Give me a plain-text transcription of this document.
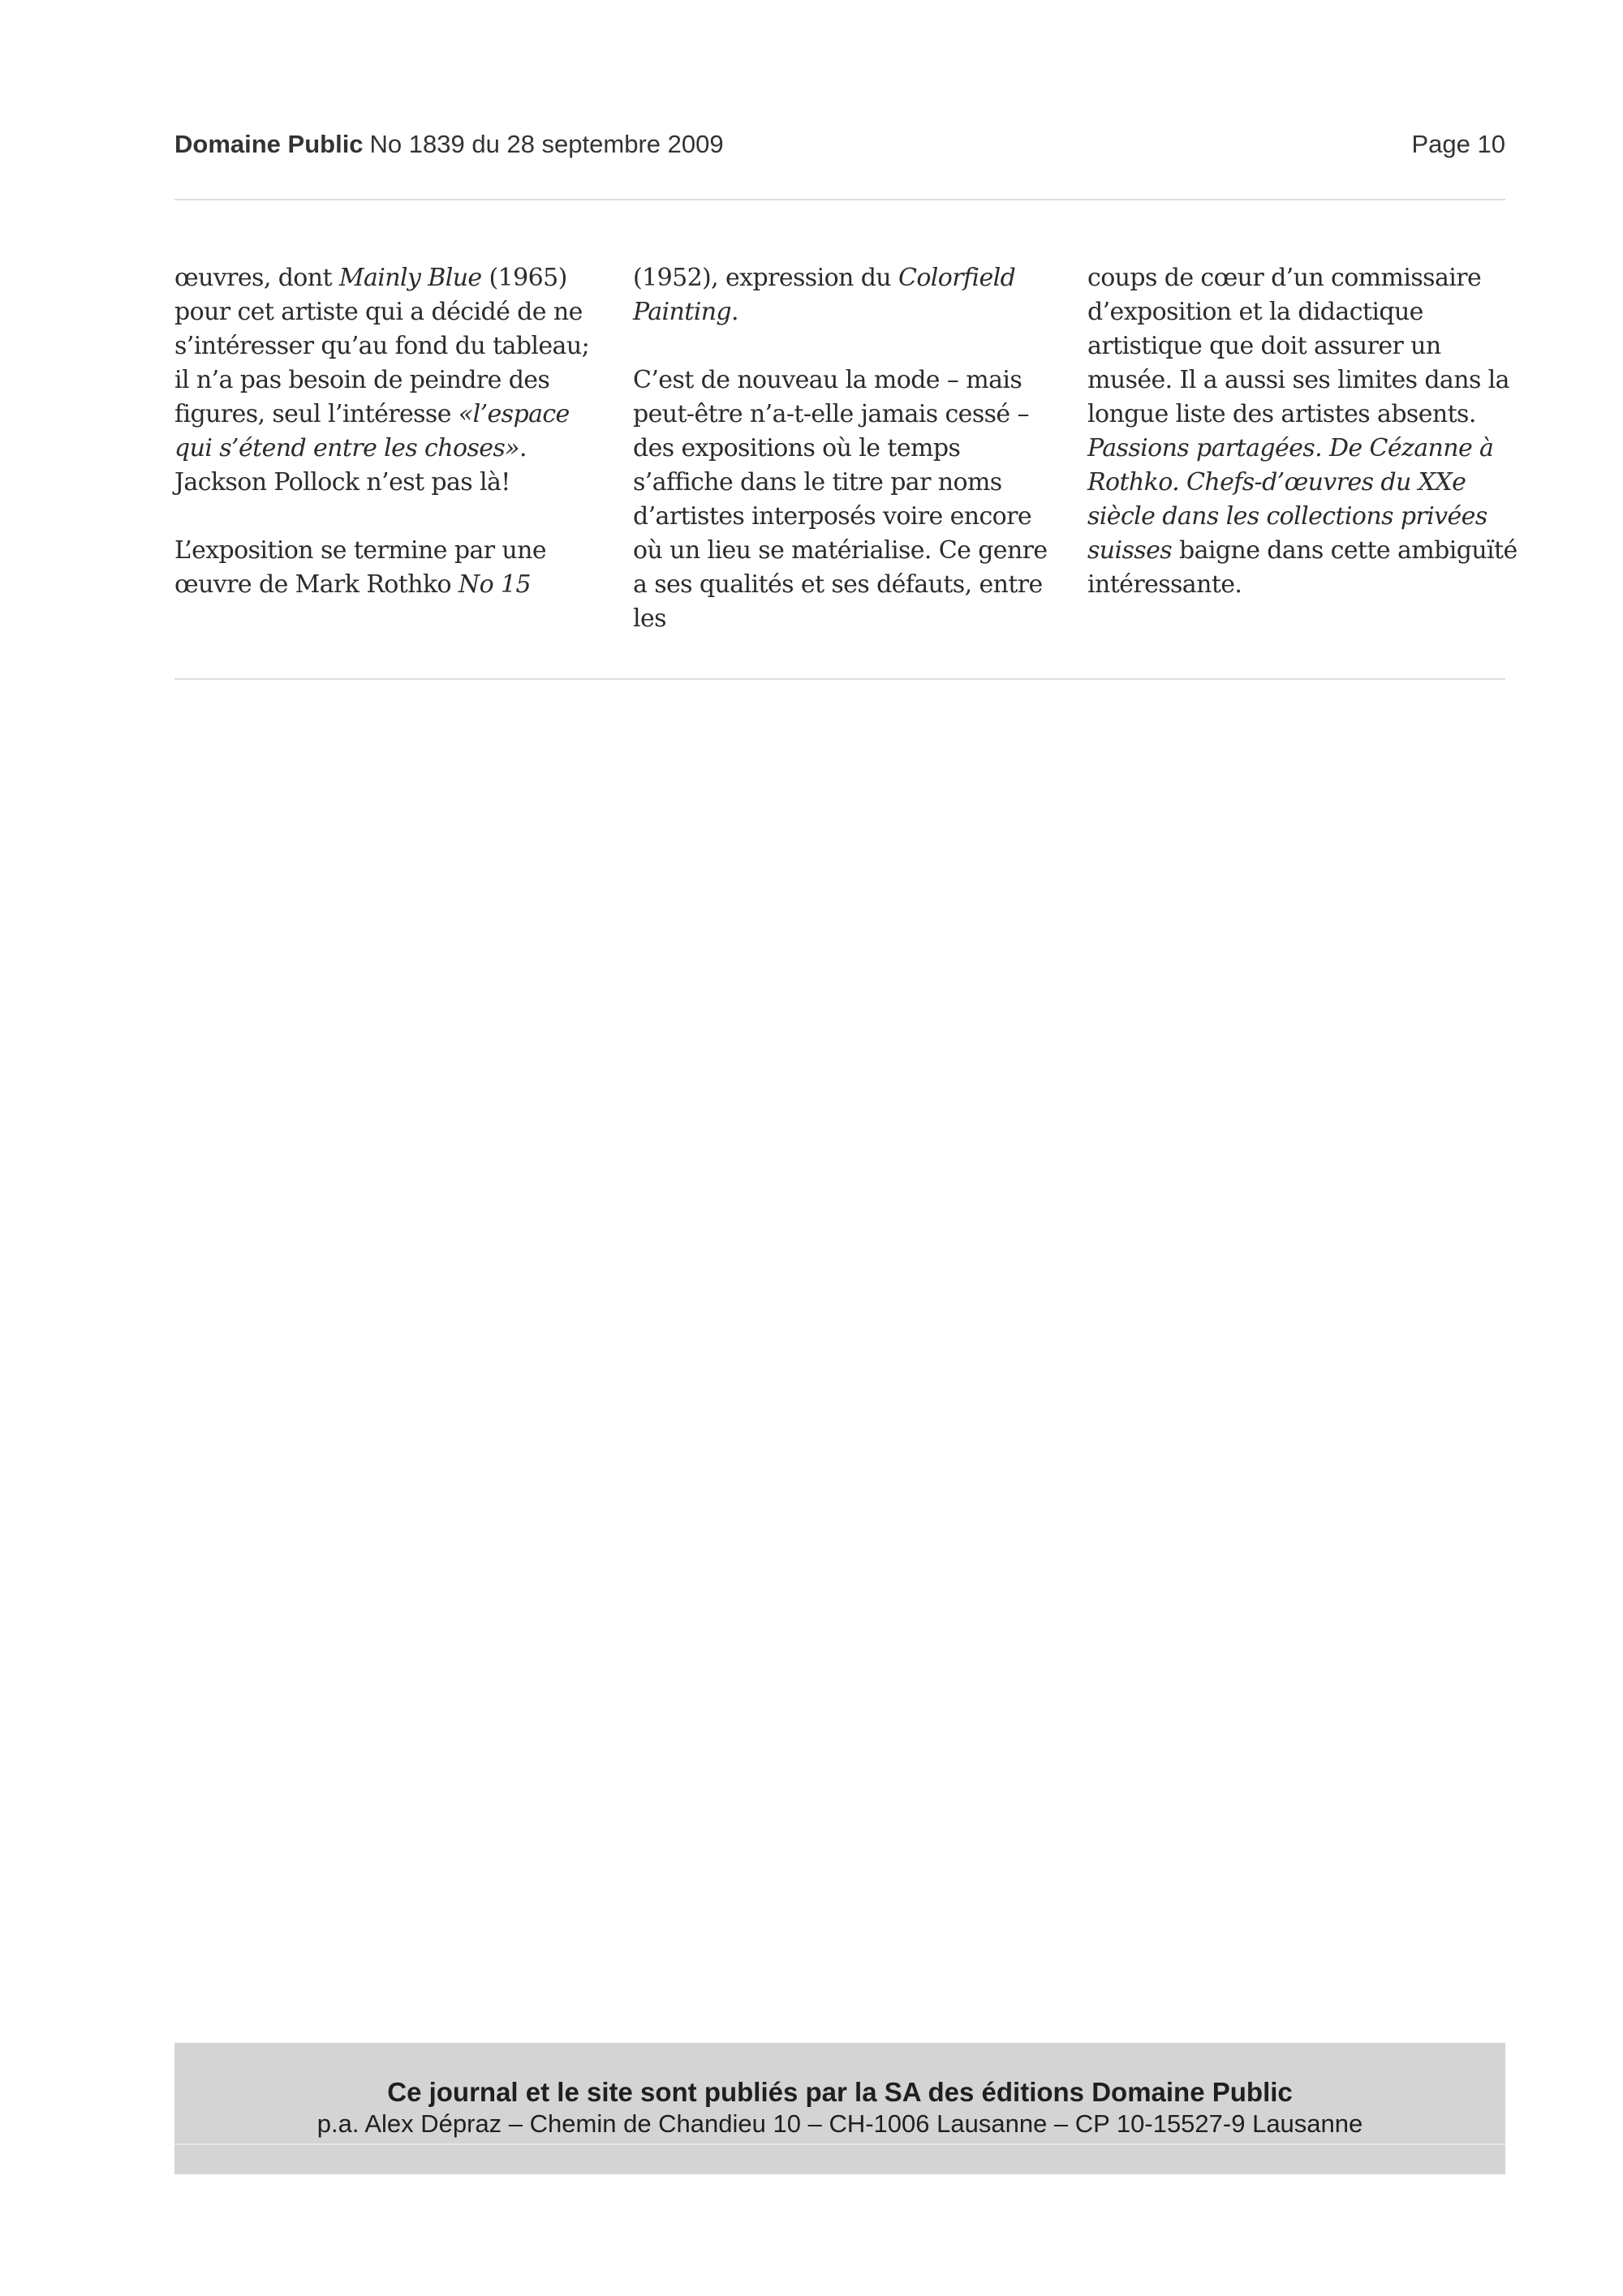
Domaine Public No 1839 du 28 septembre 2009	Page 10

œuvres, dont Mainly Blue (1965) pour cet artiste qui a décidé de ne s’intéresser qu’au fond du tableau; il n’a pas besoin de peindre des figures, seul l’intéresse «l’espace qui s’étend entre les choses». Jackson Pollock n’est pas là!

L’exposition se termine par une œuvre de Mark Rothko No 15

(1952), expression du Colorfield Painting.

C’est de nouveau la mode – mais peut-être n’a-t-elle jamais cessé – des expositions où le temps s’affiche dans le titre par noms d’artistes interposés voire encore où un lieu se matérialise. Ce genre a ses qualités et ses défauts, entre les

coups de cœur d’un commissaire d’exposition et la didactique artistique que doit assurer un musée. Il a aussi ses limites dans la longue liste des artistes absents. Passions partagées. De Cézanne à Rothko. Chefs-d’œuvres du XXe siècle dans les collections privées suisses baigne dans cette ambiguïté intéressante.

Ce journal et le site sont publiés par la SA des éditions Domaine Public
p.a. Alex Dépraz – Chemin de Chandieu 10 – CH-1006 Lausanne – CP 10-15527-9 Lausanne
